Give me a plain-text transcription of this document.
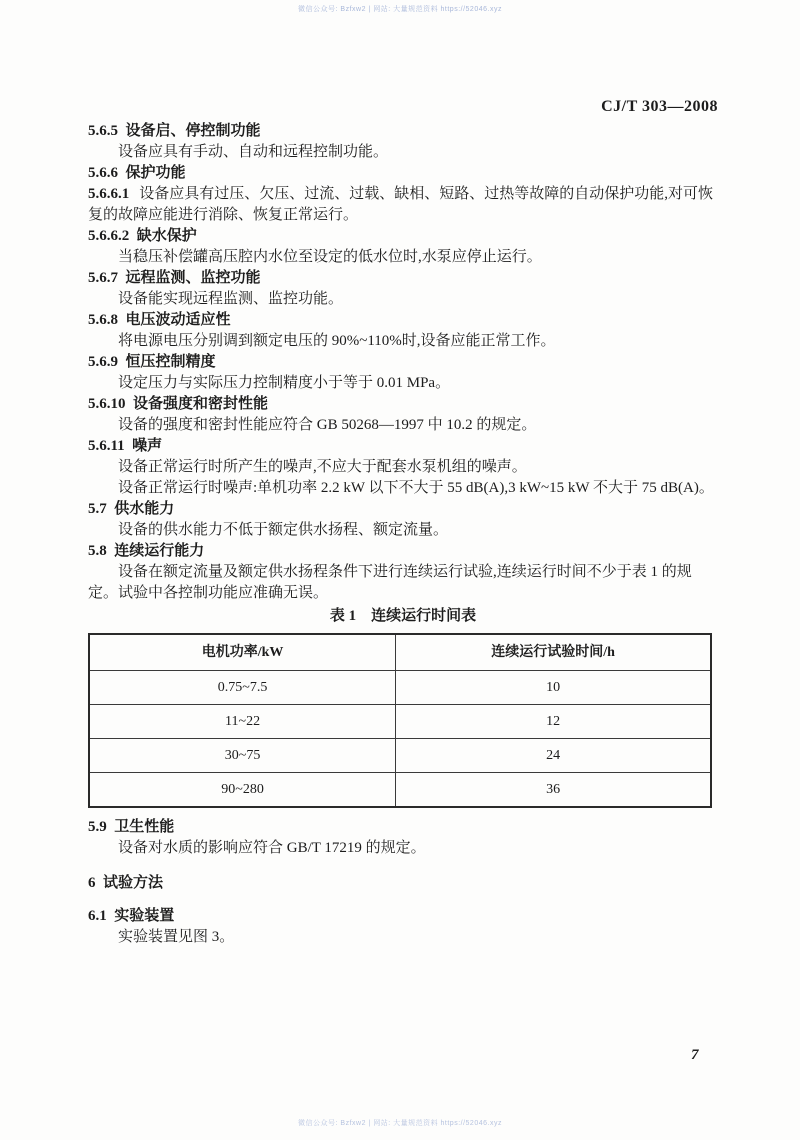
微信公众号: Bzfxw2 | 网站: 大量规范资料 https://52046.xyz
CJ/T 303—2008

5.6.5  设备启、停控制功能

设备应具有手动、自动和远程控制功能。

5.6.6  保护功能

5.6.6.1 设备应具有过压、欠压、过流、过载、缺相、短路、过热等故障的自动保护功能,对可恢复的故障应能进行消除、恢复正常运行。

5.6.6.2  缺水保护

当稳压补偿罐高压腔内水位至设定的低水位时,水泵应停止运行。

5.6.7  远程监测、监控功能

设备能实现远程监测、监控功能。

5.6.8  电压波动适应性

将电源电压分别调到额定电压的 90%~110%时,设备应能正常工作。

5.6.9  恒压控制精度

设定压力与实际压力控制精度小于等于 0.01 MPa。

5.6.10  设备强度和密封性能

设备的强度和密封性能应符合 GB 50268—1997 中 10.2 的规定。

5.6.11  噪声

设备正常运行时所产生的噪声,不应大于配套水泵机组的噪声。

设备正常运行时噪声:单机功率 2.2 kW 以下不大于 55 dB(A),3 kW~15 kW 不大于 75 dB(A)。

5.7  供水能力

设备的供水能力不低于额定供水扬程、额定流量。

5.8  连续运行能力

设备在额定流量及额定供水扬程条件下进行连续运行试验,连续运行时间不少于表 1 的规定。试验中各控制功能应准确无误。

表 1　连续运行时间表

电机功率/kW	连续运行试验时间/h
0.75~7.5	10
11~22	12
30~75	24
90~280	36

5.9  卫生性能

设备对水质的影响应符合 GB/T 17219 的规定。

6  试验方法

6.1  实验装置

实验装置见图 3。

7
微信公众号: Bzfxw2 | 网站: 大量规范资料 https://52046.xyz
